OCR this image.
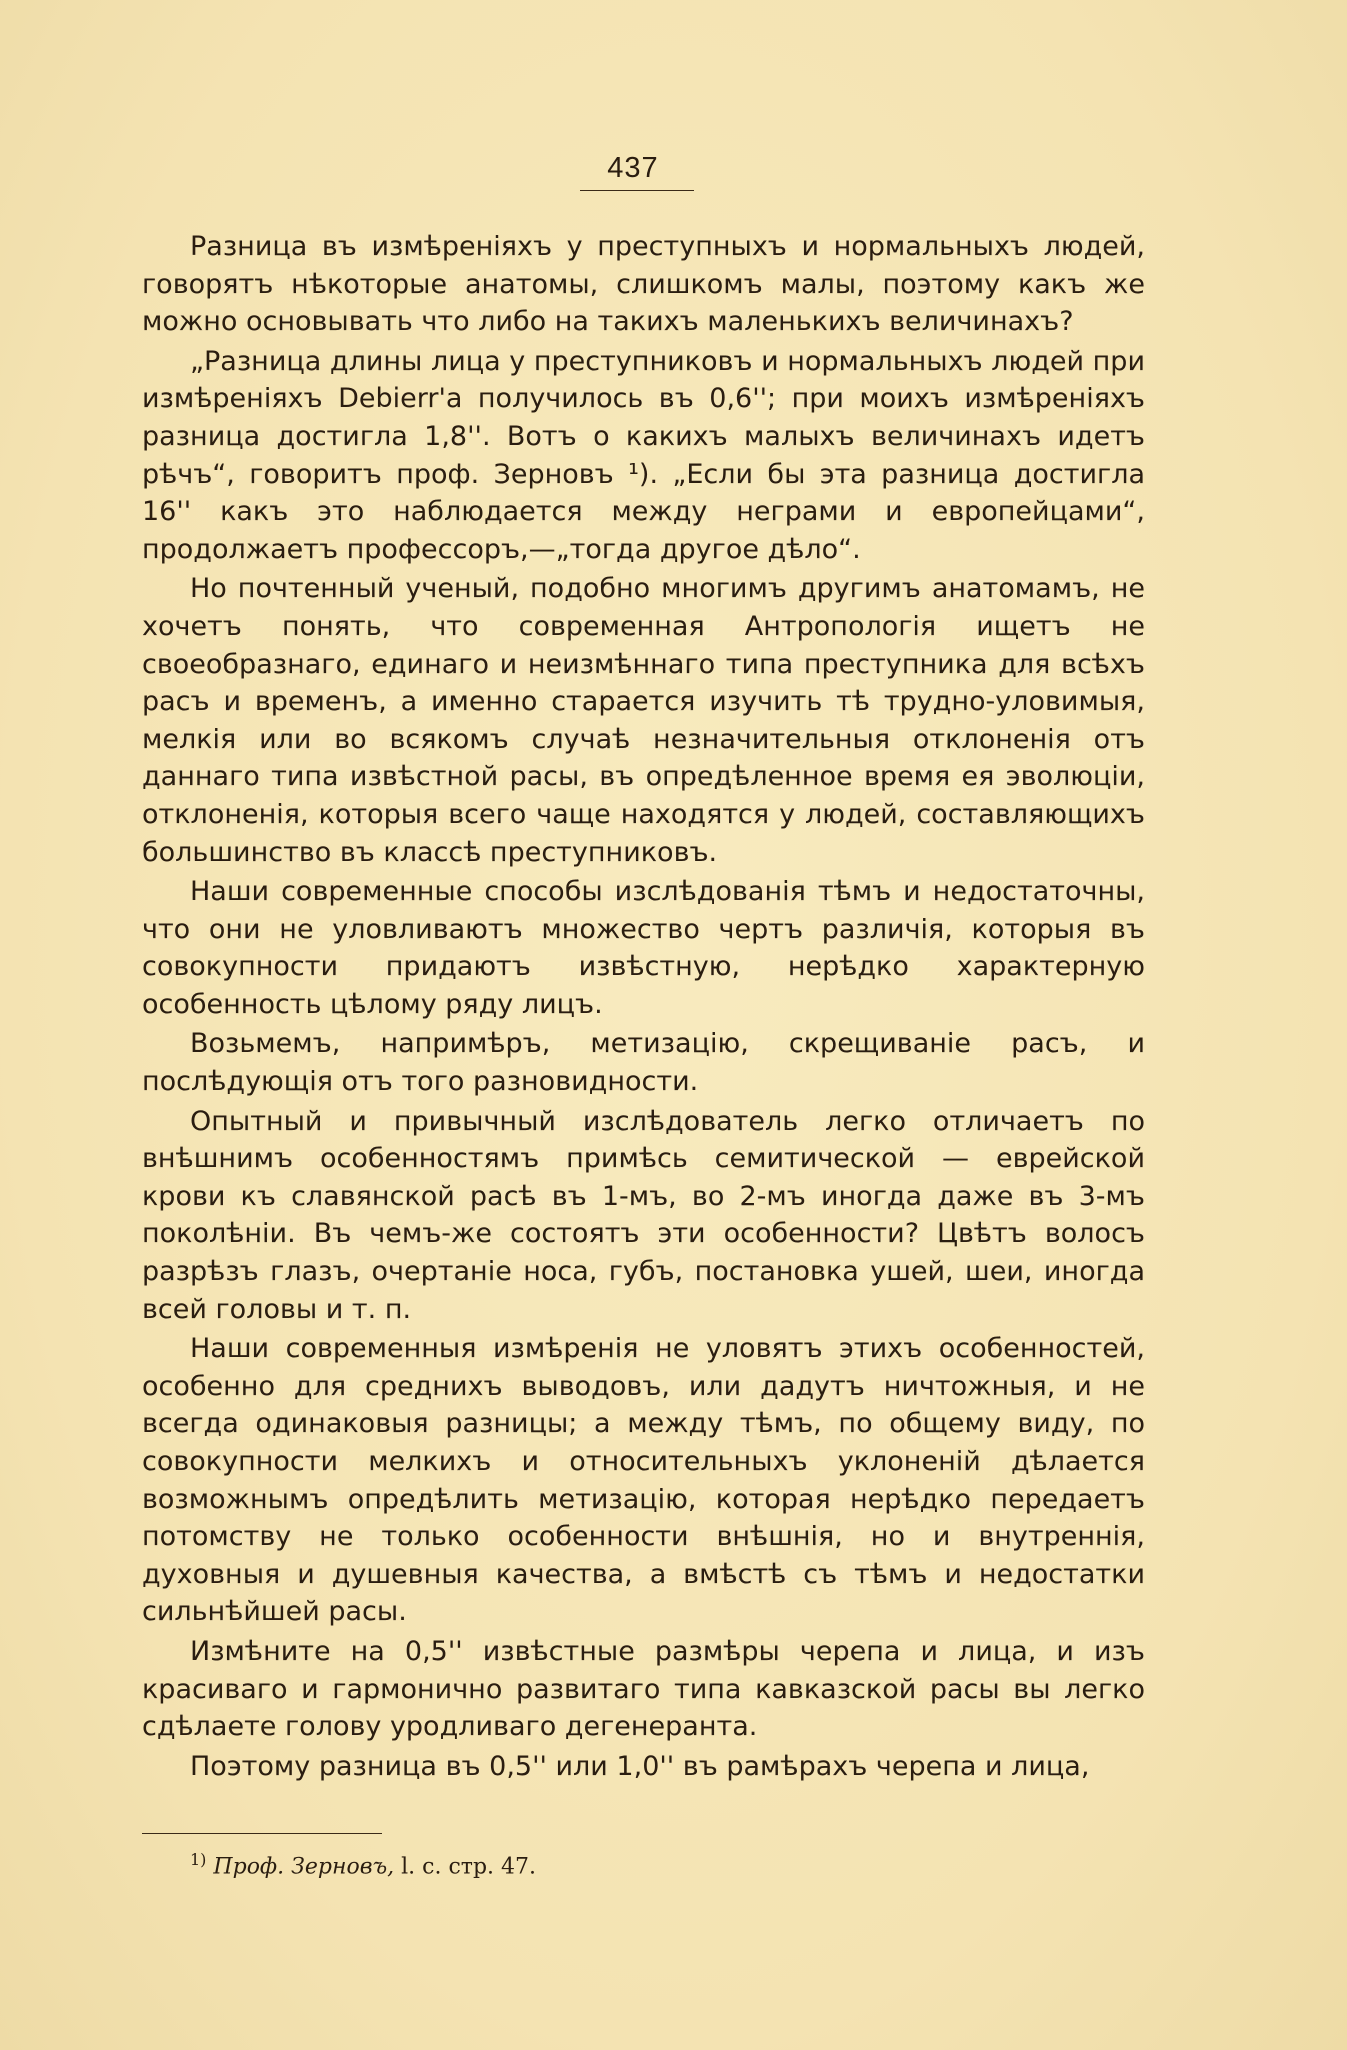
437

Разница въ измѣреніяхъ у преступныхъ и нормальныхъ людей, говорятъ нѣкоторые анатомы, слишкомъ малы, поэтому какъ же можно основывать что либо на такихъ маленькихъ величинахъ?

„Разница длины лица у преступниковъ и нормальныхъ людей при измѣреніяхъ Debierr'a получилось въ 0,6''; при моихъ измѣреніяхъ разница достигла 1,8''. Вотъ о какихъ малыхъ величинахъ идетъ рѣчъ“, говоритъ проф. Зерновъ ¹). „Если бы эта разница достигла 16'' какъ это наблюдается между неграми и европейцами“, продолжаетъ профессоръ,—„тогда другое дѣло“.

Но почтенный ученый, подобно многимъ другимъ анатомамъ, не хочетъ понять, что современная Антропологія ищетъ не своеобразнаго, единаго и неизмѣннаго типа преступника для всѣхъ расъ и временъ, а именно старается изучить тѣ трудно-уловимыя, мелкія или во всякомъ случаѣ незначительныя отклоненія отъ даннаго типа извѣстной расы, въ опредѣленное время ея эволюціи, отклоненія, которыя всего чаще находятся у людей, составляющихъ большинство въ классѣ преступниковъ.

Наши современные способы изслѣдованія тѣмъ и недостаточны, что они не уловливаютъ множество чертъ различія, которыя въ совокупности придаютъ извѣстную, нерѣдко характерную особенность цѣлому ряду лицъ.

Возьмемъ, напримѣръ, метизацію, скрещиваніе расъ, и послѣдующія отъ того разновидности.

Опытный и привычный изслѣдователь легко отличаетъ по внѣшнимъ особенностямъ примѣсь семитической — еврейской крови къ славянской расѣ въ 1-мъ, во 2-мъ иногда даже въ 3-мъ поколѣніи. Въ чемъ-же состоятъ эти особенности? Цвѣтъ волосъ разрѣзъ глазъ, очертаніе носа, губъ, постановка ушей, шеи, иногда всей головы и т. п.

Наши современныя измѣренія не уловятъ этихъ особенностей, особенно для среднихъ выводовъ, или дадутъ ничтожныя, и не всегда одинаковыя разницы; а между тѣмъ, по общему виду, по совокупности мелкихъ и относительныхъ уклоненій дѣлается возможнымъ опредѣлить метизацію, которая нерѣдко передаетъ потомству не только особенности внѣшнія, но и внутреннія, духовныя и душевныя качества, а вмѣстѣ съ тѣмъ и недостатки сильнѣйшей расы.

Измѣните на 0,5'' извѣстные размѣры черепа и лица, и изъ красиваго и гармонично развитаго типа кавказской расы вы легко сдѣлаете голову уродливаго дегенеранта.

Поэтому разница въ 0,5'' или 1,0'' въ рамѣрахъ черепа и лица,

$^{1)}$ Проф. Зерновъ, l. c. стр. 47.
